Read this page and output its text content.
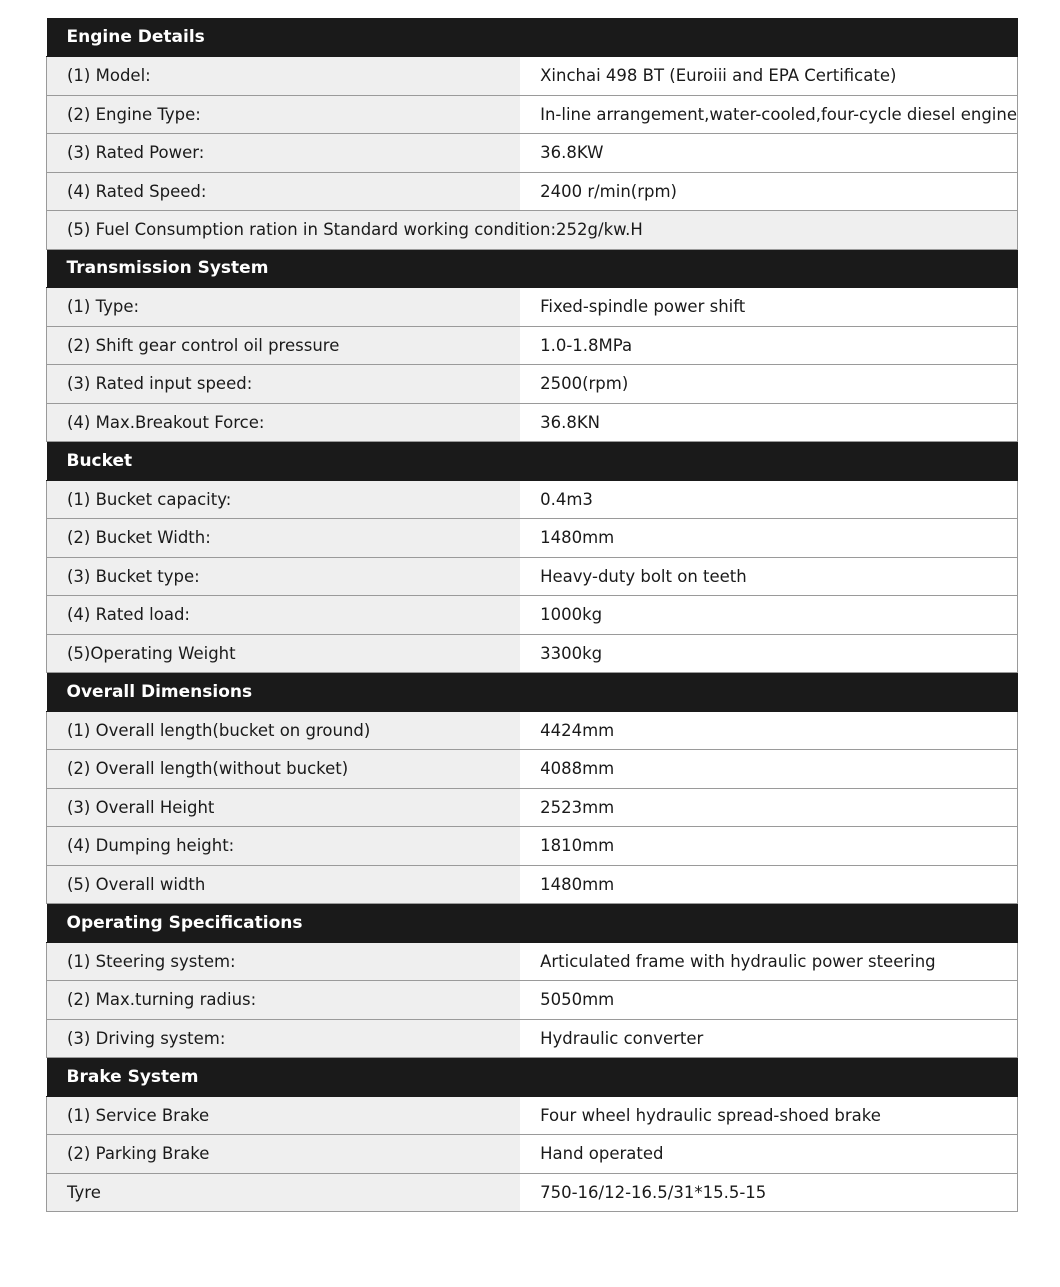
Engine Details	
(1) Model:	Xinchai 498 BT (Euroiii and EPA Certificate)
(2) Engine Type:	In-line arrangement,water-cooled,four-cycle diesel engine
(3) Rated Power:	36.8KW
(4) Rated Speed:	2400 r/min(rpm)
(5) Fuel Consumption ration in Standard working condition:252g/kw.H	
Transmission System	
(1) Type:	Fixed-spindle power shift
(2) Shift gear control oil pressure	1.0-1.8MPa
(3) Rated input speed:	2500(rpm)
(4) Max.Breakout Force:	36.8KN
Bucket	
(1) Bucket capacity:	0.4m3
(2) Bucket Width:	1480mm
(3) Bucket type:	Heavy-duty bolt on teeth
(4) Rated load:	1000kg
(5)Operating Weight	3300kg
Overall Dimensions	
(1) Overall length(bucket on ground)	4424mm
(2) Overall length(without bucket)	4088mm
(3) Overall Height	2523mm
(4) Dumping height:	1810mm
(5) Overall width	1480mm
Operating Specifications	
(1) Steering system:	Articulated frame with hydraulic power steering
(2) Max.turning radius:	5050mm
(3) Driving system:	Hydraulic converter
Brake System	
(1) Service Brake	Four wheel hydraulic spread-shoed brake
(2) Parking Brake	Hand operated
Tyre	750-16/12-16.5/31*15.5-15
